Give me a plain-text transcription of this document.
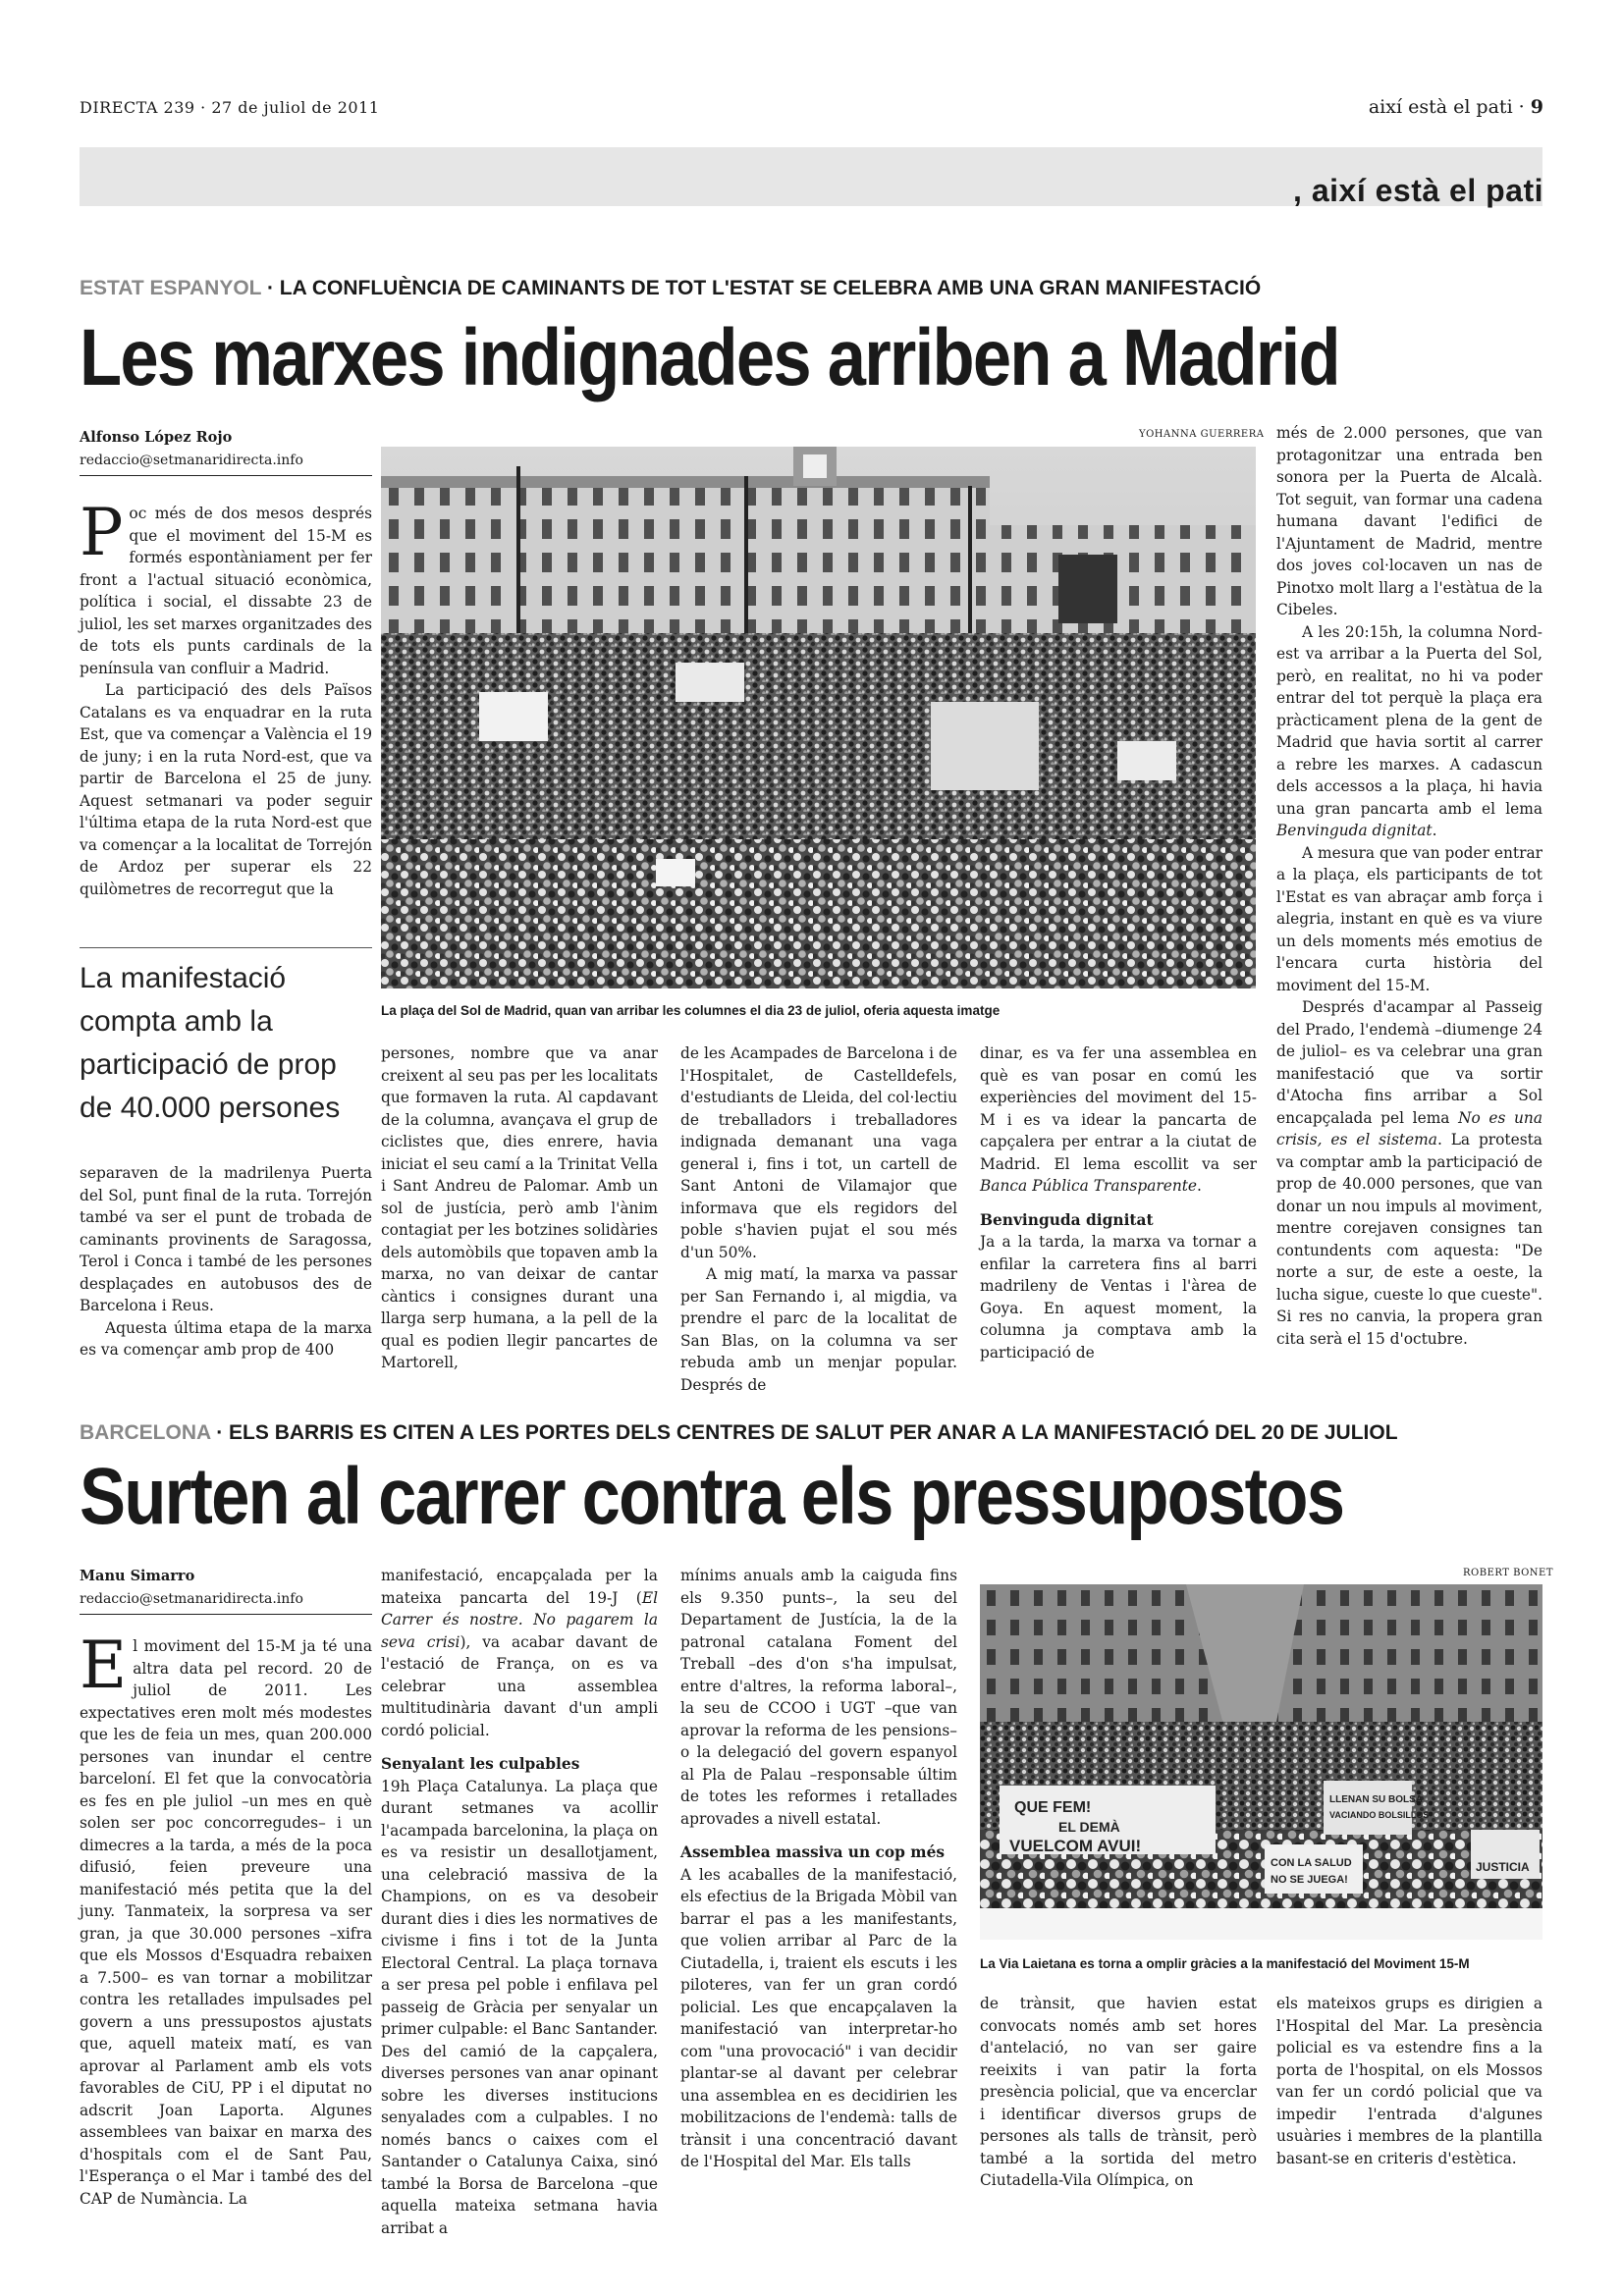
DIRECTA 239 · 27 de juliol de 2011	així està el pati · 9
, així està el pati
ESTAT ESPANYOL · LA CONFLUÈNCIA DE CAMINANTS DE TOT L'ESTAT SE CELEBRA AMB UNA GRAN MANIFESTACIÓ
Les marxes indignades arriben a Madrid
Alfonso López Rojo
redaccio@setmanaridirecta.info

Poc més de dos mesos després que el moviment del 15-M es formés espontàniament per fer front a l'actual situació econòmica, política i social, el dissabte 23 de juliol, les set marxes organitzades des de tots els punts cardinals de la península van confluir a Madrid.

La participació des dels Països Catalans es va enquadrar en la ruta Est, que va començar a València el 19 de juny; i en la ruta Nord-est, que va partir de Barcelona el 25 de juny. Aquest setmanari va poder seguir l'última etapa de la ruta Nord-est que va començar a la localitat de Torrejón de Ardoz per superar els 22 quilòmetres de recorregut que la

La manifestació compta amb la participació de prop de 40.000 persones

separaven de la madrilenya Puerta del Sol, punt final de la ruta. Torrejón també va ser el punt de trobada de caminants provinents de Saragossa, Terol i Conca i també de les persones desplaçades en autobusos des de Barcelona i Reus.

Aquesta última etapa de la marxa es va començar amb prop de 400

YOHANNA GUERRERA
La plaça del Sol de Madrid, quan van arribar les columnes el dia 23 de juliol, oferia aquesta imatge
persones, nombre que va anar creixent al seu pas per les localitats que formaven la ruta. Al capdavant de la columna, avançava el grup de ciclistes que, dies enrere, havia iniciat el seu camí a la Trinitat Vella i Sant Andreu de Palomar. Amb un sol de justícia, però amb l'ànim contagiat per les botzines solidàries dels automòbils que topaven amb la marxa, no van deixar de cantar càntics i consignes durant una llarga serp humana, a la pell de la qual es podien llegir pancartes de Martorell,

de les Acampades de Barcelona i de l'Hospitalet, de Castelldefels, d'estudiants de Lleida, del col·lectiu de treballadors i treballadores indignada demanant una vaga general i, fins i tot, un cartell de Sant Antoni de Vilamajor que informava que els regidors del poble s'havien pujat el sou més d'un 50%.

A mig matí, la marxa va passar per San Fernando i, al migdia, va prendre el parc de la localitat de San Blas, on la columna va ser rebuda amb un menjar popular. Després de

dinar, es va fer una assemblea en què es van posar en comú les experiències del moviment del 15-M i es va idear la pancarta de capçalera per entrar a la ciutat de Madrid. El lema escollit va ser Banca Pública Transparente.

Benvinguda dignitat

Ja a la tarda, la marxa va tornar a enfilar la carretera fins al barri madrileny de Ventas i l'àrea de Goya. En aquest moment, la columna ja comptava amb la participació de

més de 2.000 persones, que van protagonitzar una entrada ben sonora per la Puerta de Alcalà. Tot seguit, van formar una cadena humana davant l'edifici de l'Ajuntament de Madrid, mentre dos joves col·locaven un nas de Pinotxo molt llarg a l'estàtua de la Cibeles.

A les 20:15h, la columna Nord-est va arribar a la Puerta del Sol, però, en realitat, no hi va poder entrar del tot perquè la plaça era pràcticament plena de la gent de Madrid que havia sortit al carrer a rebre les marxes. A cadascun dels accessos a la plaça, hi havia una gran pancarta amb el lema Benvinguda dignitat.

A mesura que van poder entrar a la plaça, els participants de tot l'Estat es van abraçar amb força i alegria, instant en què es va viure un dels moments més emotius de l'encara curta història del moviment del 15-M.

Després d'acampar al Passeig del Prado, l'endemà –diumenge 24 de juliol– es va celebrar una gran manifestació que va sortir d'Atocha fins arribar a Sol encapçalada pel lema No es una crisis, es el sistema. La protesta va comptar amb la participació de prop de 40.000 persones, que van donar un nou impuls al moviment, mentre corejaven consignes tan contundents com aquesta: "De norte a sur, de este a oeste, la lucha sigue, cueste lo que cueste". Si res no canvia, la propera gran cita serà el 15 d'octubre.

BARCELONA · ELS BARRIS ES CITEN A LES PORTES DELS CENTRES DE SALUT PER ANAR A LA MANIFESTACIÓ DEL 20 DE JULIOL
Surten al carrer contra els pressupostos
Manu Simarro
redaccio@setmanaridirecta.info

El moviment del 15-M ja té una altra data pel record. 20 de juliol de 2011. Les expectatives eren molt més modestes que les de feia un mes, quan 200.000 persones van inundar el centre barceloní. El fet que la convocatòria es fes en ple juliol –un mes en què solen ser poc concorregudes– i un dimecres a la tarda, a més de la poca difusió, feien preveure una manifestació més petita que la del juny. Tanmateix, la sorpresa va ser gran, ja que 30.000 persones –xifra que els Mossos d'Esquadra rebaixen a 7.500– es van tornar a mobilitzar contra les retallades impulsades pel govern a uns pressupostos ajustats que, aquell mateix matí, es van aprovar al Parlament amb els vots favorables de CiU, PP i el diputat no adscrit Joan Laporta. Algunes assemblees van baixar en marxa des d'hospitals com el de Sant Pau, l'Esperança o el Mar i també des del CAP de Numància. La

manifestació, encapçalada per la mateixa pancarta del 19-J (El Carrer és nostre. No pagarem la seva crisi), va acabar davant de l'estació de França, on es va celebrar una assemblea multitudinària davant d'un ampli cordó policial.

Senyalant les culpables

19h Plaça Catalunya. La plaça que durant setmanes va acollir l'acampada barcelonina, la plaça on es va resistir un desallotjament, una celebració massiva de la Champions, on es va desobeir durant dies i dies les normatives de civisme i fins i tot de la Junta Electoral Central. La plaça tornava a ser presa pel poble i enfilava pel passeig de Gràcia per senyalar un primer culpable: el Banc Santander. Des del camió de la capçalera, diverses persones van anar opinant sobre les diverses institucions senyalades com a culpables. I no només bancs o caixes com el Santander o Catalunya Caixa, sinó també la Borsa de Barcelona –que aquella mateixa setmana havia arribat a

mínims anuals amb la caiguda fins els 9.350 punts–, la seu del Departament de Justícia, la de la patronal catalana Foment del Treball –des d'on s'ha impulsat, entre d'altres, la reforma laboral–, la seu de CCOO i UGT –que van aprovar la reforma de les pensions– o la delegació del govern espanyol al Pla de Palau –responsable últim de totes les reformes i retallades aprovades a nivell estatal.

Assemblea massiva un cop més

A les acaballes de la manifestació, els efectius de la Brigada Mòbil van barrar el pas a les manifestants, que volien arribar al Parc de la Ciutadella, i, traient els escuts i les piloteres, van fer un gran cordó policial. Les que encapçalaven la manifestació van interpretar-ho com "una provocació" i van decidir plantar-se al davant per celebrar una assemblea en es decidirien les mobilitzacions de l'endemà: talls de trànsit i una concentració davant de l'Hospital del Mar. Els talls

ROBERT BONET
QUE FEM!
EL DEMÀ
VUELCOM AVUI!
LLENAN SU BOLSA
VACIANDO BOLSILLOS
CON LA SALUD
NO SE JUEGA!
JUSTICIA
La Via Laietana es torna a omplir gràcies a la manifestació del Moviment 15-M
de trànsit, que havien estat convocats només amb set hores d'antelació, no van ser gaire reeixits i van patir la forta presència policial, que va encerclar i identificar diversos grups de persones als talls de trànsit, però també a la sortida del metro Ciutadella-Vila Olímpica, on
els mateixos grups es dirigien a l'Hospital del Mar. La presència policial es va estendre fins a la porta de l'hospital, on els Mossos van fer un cordó policial que va impedir l'entrada d'algunes usuàries i membres de la plantilla basant-se en criteris d'estètica.
